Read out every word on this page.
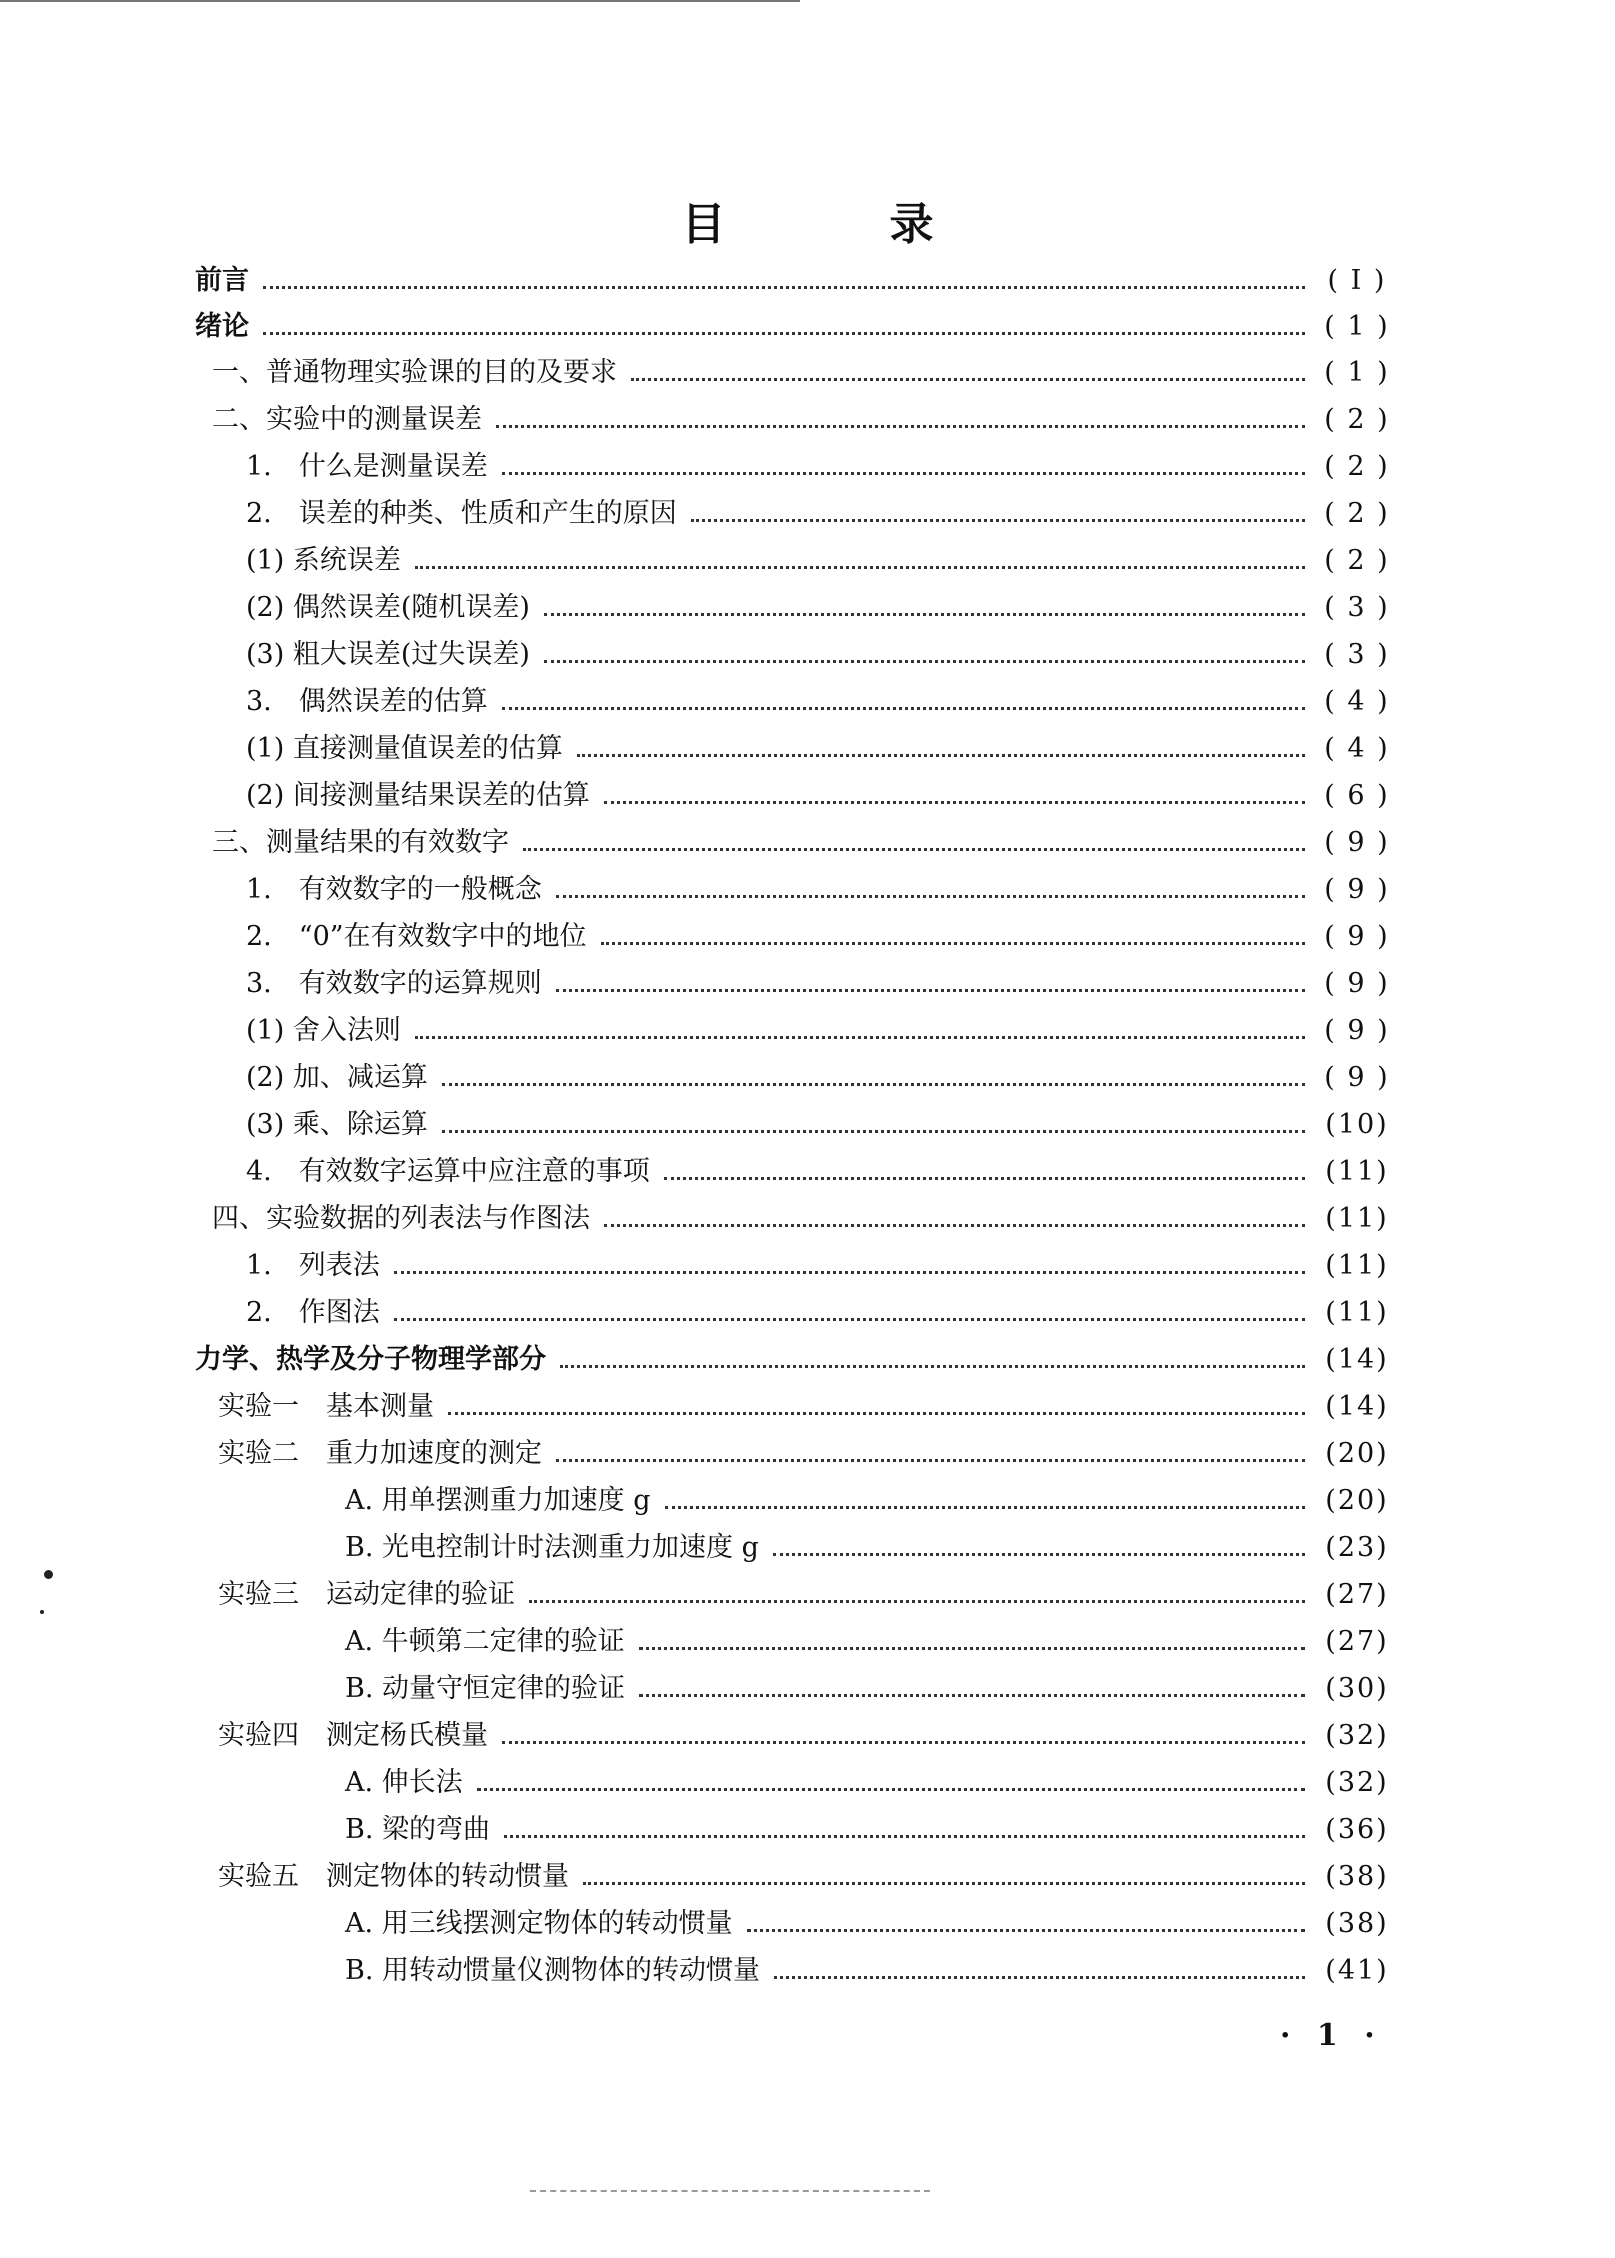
目　录
前言	( Ⅰ )
绪论	( 1 )
一、普通物理实验课的目的及要求	( 1 )
二、实验中的测量误差	( 2 )
1.　什么是测量误差	( 2 )
2.　误差的种类、性质和产生的原因	( 2 )
(1) 系统误差	( 2 )
(2) 偶然误差(随机误差)	( 3 )
(3) 粗大误差(过失误差)	( 3 )
3.　偶然误差的估算	( 4 )
(1) 直接测量值误差的估算	( 4 )
(2) 间接测量结果误差的估算	( 6 )
三、测量结果的有效数字	( 9 )
1.　有效数字的一般概念	( 9 )
2.　“0”在有效数字中的地位	( 9 )
3.　有效数字的运算规则	( 9 )
(1) 舍入法则	( 9 )
(2) 加、减运算	( 9 )
(3) 乘、除运算	(10)
4.　有效数字运算中应注意的事项	(11)
四、实验数据的列表法与作图法	(11)
1.　列表法	(11)
2.　作图法	(11)
力学、热学及分子物理学部分	(14)
实验一　基本测量	(14)
实验二　重力加速度的测定	(20)
A. 用单摆测重力加速度 g	(20)
B. 光电控制计时法测重力加速度 g	(23)
实验三　运动定律的验证	(27)
A. 牛顿第二定律的验证	(27)
B. 动量守恒定律的验证	(30)
实验四　测定杨氏模量	(32)
A. 伸长法	(32)
B. 梁的弯曲	(36)
实验五　测定物体的转动惯量	(38)
A. 用三线摆测定物体的转动惯量	(38)
B. 用转动惯量仪测物体的转动惯量	(41)
· 1 ·
